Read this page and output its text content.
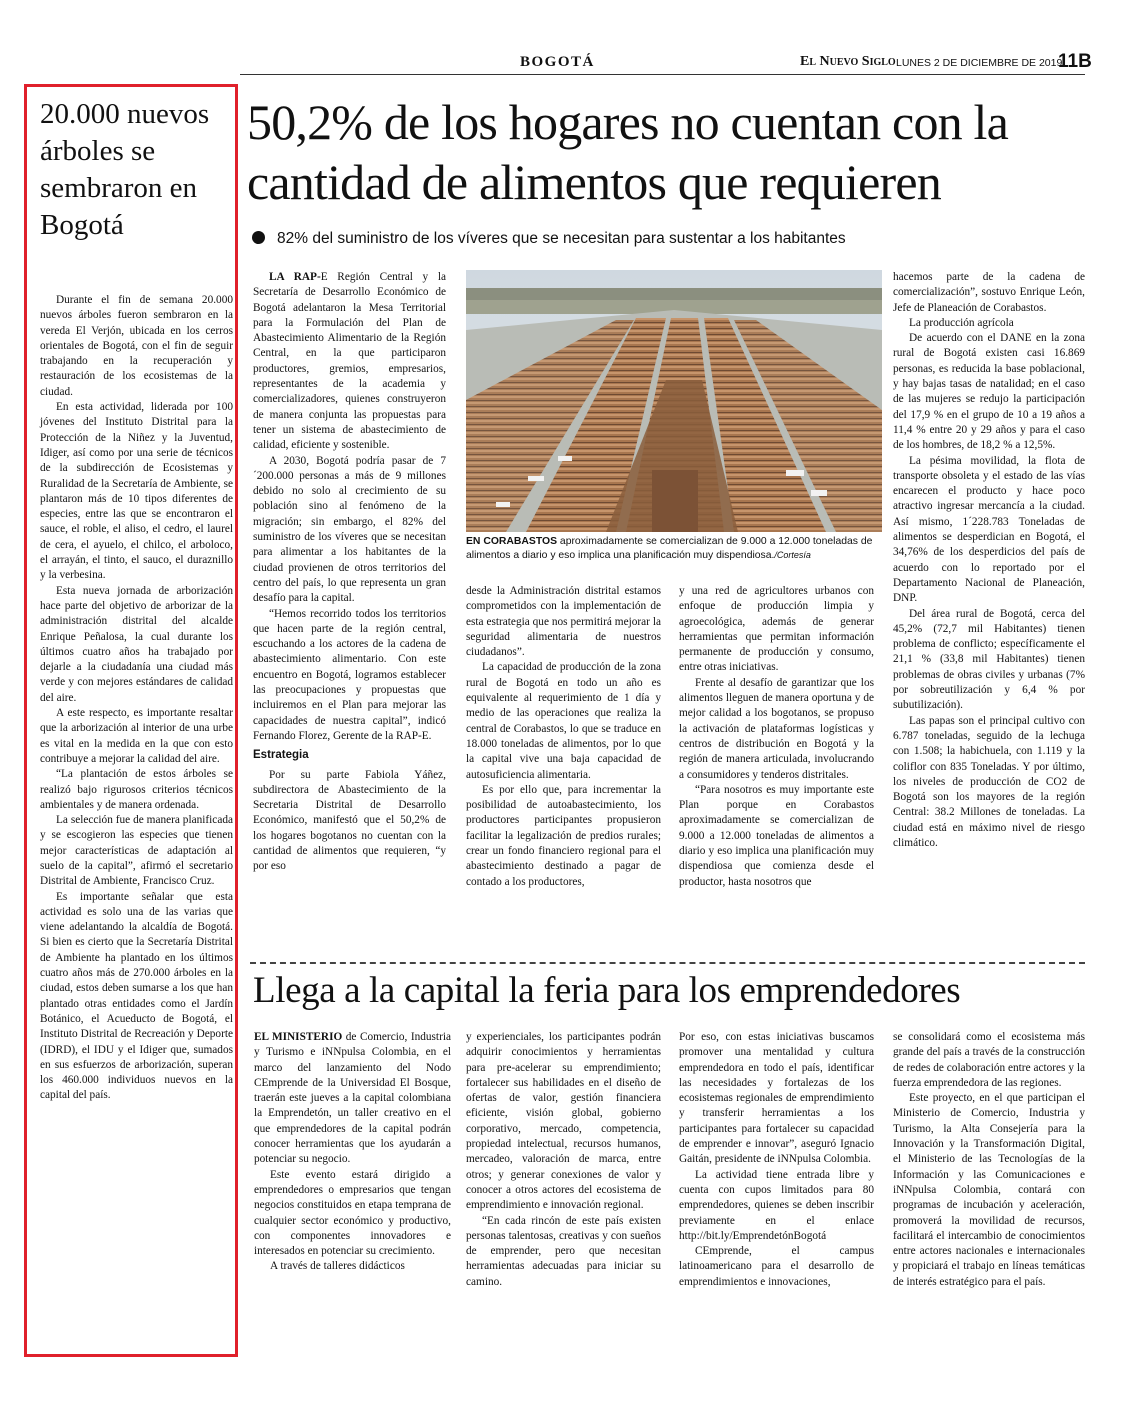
BOGOTÁ	El Nuevo Siglo LUNES 2 DE DICIEMBRE DE 2019
11B
20.000 nuevos árboles se sembraron en Bogotá

Durante el fin de semana 20.000 nuevos árboles fueron sembraron en la vereda El Verjón, ubicada en los cerros orientales de Bogotá, con el fin de seguir trabajando en la recuperación y restauración de los ecosistemas de la ciudad.

En esta actividad, liderada por 100 jóvenes del Instituto Distrital para la Protección de la Niñez y la Juventud, Idiger, así como por una serie de técnicos de la subdirección de Ecosistemas y Ruralidad de la Secretaría de Ambiente, se plantaron más de 10 tipos diferentes de especies, entre las que se encontraron el sauce, el roble, el aliso, el cedro, el laurel de cera, el ayuelo, el chilco, el arboloco, el arrayán, el tinto, el sauco, el duraznillo y la verbesina.

Esta nueva jornada de arborización hace parte del objetivo de arborizar de la administración distrital del alcalde Enrique Peñalosa, la cual durante los últimos cuatro años ha trabajado por dejarle a la ciudadanía una ciudad más verde y con mejores estándares de calidad del aire.

A este respecto, es importante resaltar que la arborización al interior de una urbe es vital en la medida en la que con esto contribuye a mejorar la calidad del aire.

“La plantación de estos árboles se realizó bajo rigurosos criterios técnicos ambientales y de manera ordenada.

La selección fue de manera planificada y se escogieron las especies que tienen mejor características de adaptación al suelo de la capital”, afirmó el secretario Distrital de Ambiente, Francisco Cruz.

Es importante señalar que esta actividad es solo una de las varias que viene adelantando la alcaldía de Bogotá. Si bien es cierto que la Secretaría Distrital de Ambiente ha plantado en los últimos cuatro años más de 270.000 árboles en la ciudad, estos deben sumarse a los que han plantado otras entidades como el Jardín Botánico, el Acueducto de Bogotá, el Instituto Distrital de Recreación y Deporte (IDRD), el IDU y el Idiger que, sumados en sus esfuerzos de arborización, superan los 460.000 individuos nuevos en la capital del país.

50,2% de los hogares no cuentan con la cantidad de alimentos que requieren
82% del suministro de los víveres que se necesitan para sustentar a los habitantes

LA RAP-E Región Central y la Secretaría de Desarrollo Económico de Bogotá adelantaron la Mesa Territorial para la Formulación del Plan de Abastecimiento Alimentario de la Región Central, en la que participaron productores, gremios, empresarios, representantes de la academia y comercializadores, quienes construyeron de manera conjunta las propuestas para tener un sistema de abastecimiento de calidad, eficiente y sostenible.

A 2030, Bogotá podría pasar de 7´200.000 personas a más de 9 millones debido no solo al crecimiento de su población sino al fenómeno de la migración; sin embargo, el 82% del suministro de los víveres que se necesitan para alimentar a los habitantes de la ciudad provienen de otros territorios del centro del país, lo que representa un gran desafío para la capital.

“Hemos recorrido todos los territorios que hacen parte de la región central, escuchando a los actores de la cadena de abastecimiento alimentario. Con este encuentro en Bogotá, logramos establecer las preocupaciones y propuestas que incluiremos en el Plan para mejorar las capacidades de nuestra capital”, indicó Fernando Florez, Gerente de la RAP-E.

Estrategia

Por su parte Fabiola Yáñez, subdirectora de Abastecimiento de la Secretaria Distrital de Desarrollo Económico, manifestó que el 50,2% de los hogares bogotanos no cuentan con la cantidad de alimentos que requieren, “y por eso

EN CORABASTOS aproximadamente se comercializan de 9.000 a 12.000 toneladas de alimentos a diario y eso implica una planificación muy dispendiosa./Cortesía

desde la Administración distrital estamos comprometidos con la implementación de esta estrategia que nos permitirá mejorar la seguridad alimentaria de nuestros ciudadanos”.

La capacidad de producción de la zona rural de Bogotá en todo un año es equivalente al requerimiento de 1 día y medio de las operaciones que realiza la central de Corabastos, lo que se traduce en 18.000 toneladas de alimentos, por lo que la capital vive una baja capacidad de autosuficiencia alimentaria.

Es por ello que, para incrementar la posibilidad de autoabastecimiento, los productores participantes propusieron facilitar la legalización de predios rurales; crear un fondo financiero regional para el abastecimiento destinado a pagar de contado a los productores,

y una red de agricultores urbanos con enfoque de producción limpia y agroecológica, además de generar herramientas que permitan información permanente de producción y consumo, entre otras iniciativas.

Frente al desafío de garantizar que los alimentos lleguen de manera oportuna y de mejor calidad a los bogotanos, se propuso la activación de plataformas logísticas y centros de distribución en Bogotá y la región de manera articulada, involucrando a consumidores y tenderos distritales.

“Para nosotros es muy importante este Plan porque en Corabastos aproximadamente se comercializan de 9.000 a 12.000 toneladas de alimentos a diario y eso implica una planificación muy dispendiosa que comienza desde el productor, hasta nosotros que

hacemos parte de la cadena de comercialización”, sostuvo Enrique León, Jefe de Planeación de Corabastos.

La producción agrícola

De acuerdo con el DANE en la zona rural de Bogotá existen casi 16.869 personas, es reducida la base poblacional, y hay bajas tasas de natalidad; en el caso de las mujeres se redujo la participación del 17,9 % en el grupo de 10 a 19 años a 11,4 % entre 20 y 29 años y para el caso de los hombres, de 18,2 % a 12,5%.

La pésima movilidad, la flota de transporte obsoleta y el estado de las vías encarecen el producto y hace poco atractivo ingresar mercancía a la ciudad. Así mismo, 1´228.783 Toneladas de alimentos se desperdician en Bogotá, el 34,76% de los desperdicios del país de acuerdo con lo reportado por el Departamento Nacional de Planeación, DNP.

Del área rural de Bogotá, cerca del 45,2% (72,7 mil Habitantes) tienen problema de conflicto; específicamente el 21,1 % (33,8 mil Habitantes) tienen problemas de obras civiles y urbanas (7% por sobreutilización y 6,4 % por subutilización).

Las papas son el principal cultivo con 6.787 toneladas, seguido de la lechuga con 1.508; la habichuela, con 1.119 y la coliflor con 835 Toneladas. Y por último, los niveles de producción de CO2 de Bogotá son los mayores de la región Central: 38.2 Millones de toneladas. La ciudad está en máximo nivel de riesgo climático.

Llega a la capital la feria para los emprendedores

EL MINISTERIO de Comercio, Industria y Turismo e iNNpulsa Colombia, en el marco del lanzamiento del Nodo CEmprende de la Universidad El Bosque, traerán este jueves a la capital colombiana la Emprendetón, un taller creativo en el que emprendedores de la capital podrán conocer herramientas que los ayudarán a potenciar su negocio.

Este evento estará dirigido a emprendedores o empresarios que tengan negocios constituidos en etapa temprana de cualquier sector económico y productivo, con componentes innovadores e interesados en potenciar su crecimiento.

A través de talleres didácticos

y experienciales, los participantes podrán adquirir conocimientos y herramientas para pre-acelerar su emprendimiento; fortalecer sus habilidades en el diseño de ofertas de valor, gestión financiera eficiente, visión global, gobierno corporativo, mercado, competencia, propiedad intelectual, recursos humanos, mercadeo, valoración de marca, entre otros; y generar conexiones de valor y conocer a otros actores del ecosistema de emprendimiento e innovación regional.

“En cada rincón de este país existen personas talentosas, creativas y con sueños de emprender, pero que necesitan herramientas adecuadas para iniciar su camino.

Por eso, con estas iniciativas buscamos promover una mentalidad y cultura emprendedora en todo el país, identificar las necesidades y fortalezas de los ecosistemas regionales de emprendimiento y transferir herramientas a los participantes para fortalecer su capacidad de emprender e innovar”, aseguró Ignacio Gaitán, presidente de iNNpulsa Colombia.

La actividad tiene entrada libre y cuenta con cupos limitados para 80 emprendedores, quienes se deben inscribir previamente en el enlace http://bit.ly/EmprendetónBogotá

CEmprende, el campus latinoamericano para el desarrollo de emprendimientos e innovaciones,

se consolidará como el ecosistema más grande del país a través de la construcción de redes de colaboración entre actores y la fuerza emprendedora de las regiones.

Este proyecto, en el que participan el Ministerio de Comercio, Industria y Turismo, la Alta Consejería para la Innovación y la Transformación Digital, el Ministerio de las Tecnologías de la Información y las Comunicaciones e iNNpulsa Colombia, contará con programas de incubación y aceleración, promoverá la movilidad de recursos, facilitará el intercambio de conocimientos entre actores nacionales e internacionales y propiciará el trabajo en líneas temáticas de interés estratégico para el país.
